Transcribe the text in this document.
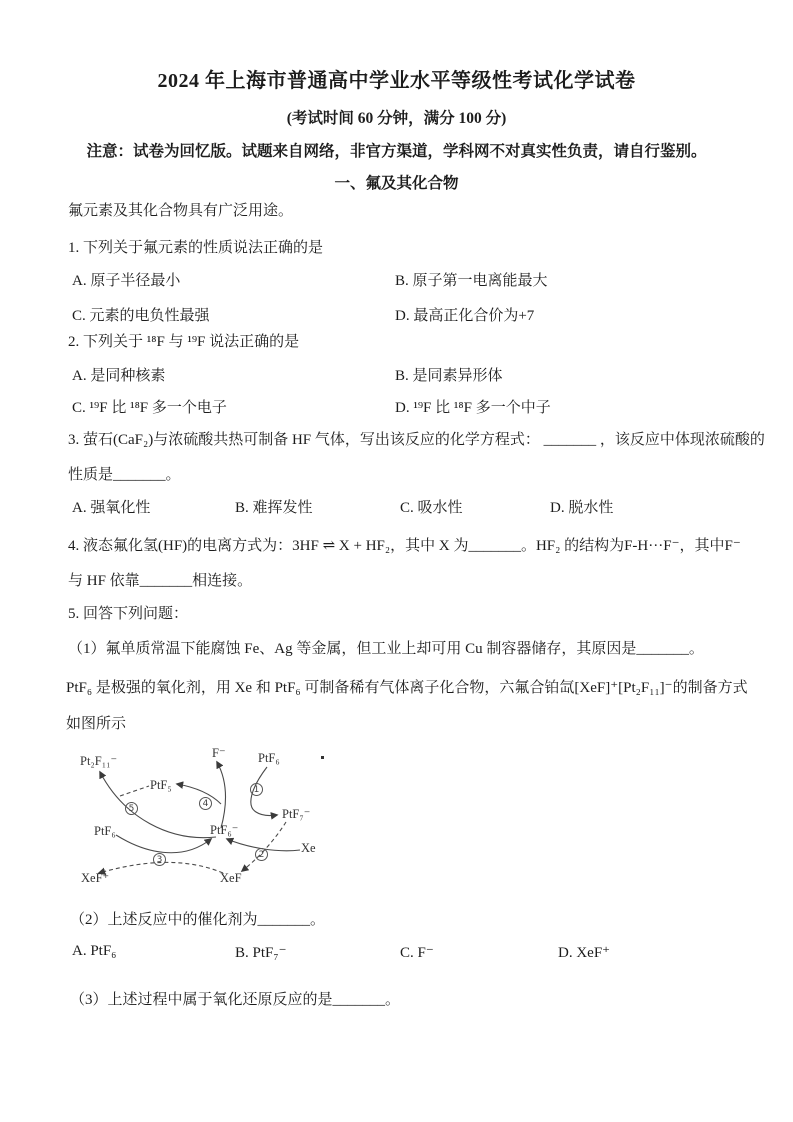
2024 年上海市普通高中学业水平等级性考试化学试卷
(考试时间 60 分钟，满分 100 分)
注意：试卷为回忆版。试题来自网络，非官方渠道，学科网不对真实性负责，请自行鉴别。
一、氟及其化合物
氟元素及其化合物具有广泛用途。
1. 下列关于氟元素的性质说法正确的是
A. 原子半径最小	B. 原子第一电离能最大
C. 元素的电负性最强	D. 最高正化合价为+7
2. 下列关于 ¹⁸F 与 ¹⁹F 说法正确的是
A. 是同种核素	B. 是同素异形体
C. ¹⁹F 比 ¹⁸F 多一个电子	D. ¹⁹F 比 ¹⁸F 多一个中子
3. 萤石(CaF₂)与浓硫酸共热可制备 HF 气体，写出该反应的化学方程式： _______ ，该反应中体现浓硫酸的
性质是_______。
A. 强氧化性	B. 难挥发性	C. 吸水性	D. 脱水性
4. 液态氟化氢(HF)的电离方式为：3HF ⇌ X + HF₂，其中 X 为_______。HF₂ 的结构为F-H···F⁻，其中F⁻
与 HF 依靠_______相连接。
5. 回答下列问题：
（1）氟单质常温下能腐蚀 Fe、Ag 等金属，但工业上却可用 Cu 制容器储存，其原因是_______。
PtF₆ 是极强的氧化剂，用 Xe 和 PtF₆ 可制备稀有气体离子化合物，六氟合铂氙[XeF]⁺[Pt₂F₁₁]⁻的制备方式
如图所示
Pt₂F₁₁⁻
F⁻	PtF₆
PtF₅
PtF₇⁻
PtF₆	PtF₆⁻
Xe
XeF⁺	XeF
1
2
3
4
5
（2）上述反应中的催化剂为_______。
A. PtF₆	B. PtF₇⁻	C. F⁻	D. XeF⁺
（3）上述过程中属于氧化还原反应的是_______。
